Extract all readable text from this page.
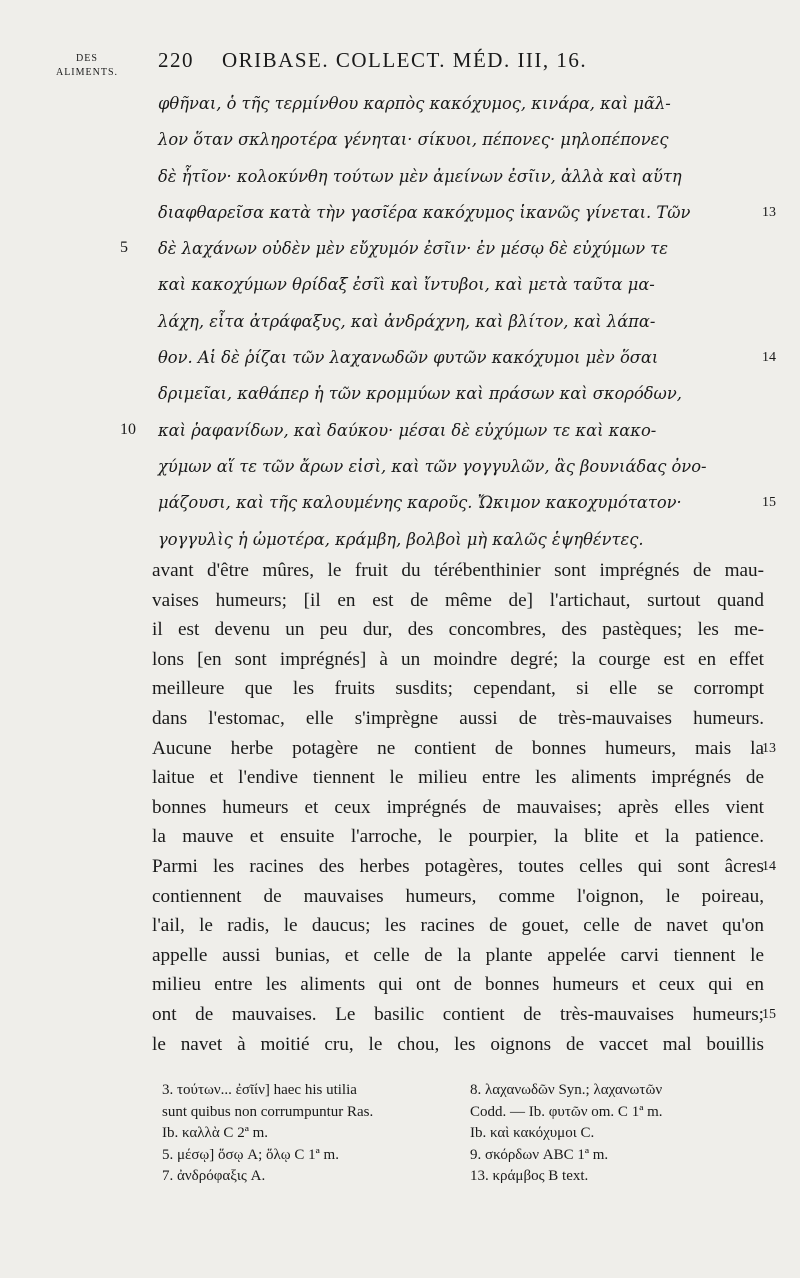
DES
ALIMENTS.
220 ORIBASE. COLLECT. MÉD. III, 16.
φθῆναι, ὁ τῆς τερμίνθου καρπὸς κακόχυμος, κινάρα, καὶ μᾶλ-
λον ὅταν σκληροτέρα γένηται· σίκυοι, πέπονες· μηλοπέπονες
δὲ ἧτῖον· κολοκύνθη τούτων μὲν ἀμείνων ἐσῖιν, ἀλλὰ καὶ αὕτη
διαφθαρεῖσα κατὰ τὴν γασῖέρα κακόχυμος ἱκανῶς γίνεται. Τῶν
δὲ λαχάνων οὐδὲν μὲν εὔχυμόν ἐσῖιν· ἐν μέσῳ δὲ εὐχύμων τε
καὶ κακοχύμων θρίδαξ ἐσῖὶ καὶ ἴντυβοι, καὶ μετὰ ταῦτα μα-
λάχη, εἶτα ἀτράφαξυς, καὶ ἀνδράχνη, καὶ βλίτον, καὶ λάπα-
θον. Αἱ δὲ ῥίζαι τῶν λαχανωδῶν φυτῶν κακόχυμοι μὲν ὅσαι
δριμεῖαι, καθάπερ ἡ τῶν κρομμύων καὶ πράσων καὶ σκορόδων,
καὶ ῥαφανίδων, καὶ δαύκου· μέσαι δὲ εὐχύμων τε καὶ κακο-
χύμων αἵ τε τῶν ἄρων εἰσὶ, καὶ τῶν γογγυλῶν, ἃς βουνιάδας ὀνο-
μάζουσι, καὶ τῆς καλουμένης καροῦς. Ὤκιμον κακοχυμότατον·
γογγυλὶς ἡ ὠμοτέρα, κράμβη, βολβοὶ μὴ καλῶς ἑψηθέντες.
avant d'être mûres, le fruit du térébenthinier sont imprégnés de mau-
vaises humeurs; [il en est de même de] l'artichaut, surtout quand
il est devenu un peu dur, des concombres, des pastèques; les me-
lons [en sont imprégnés] à un moindre degré; la courge est en effet
meilleure que les fruits susdits; cependant, si elle se corrompt
dans l'estomac, elle s'imprègne aussi de très-mauvaises humeurs.
Aucune herbe potagère ne contient de bonnes humeurs, mais la
laitue et l'endive tiennent le milieu entre les aliments imprégnés de
bonnes humeurs et ceux imprégnés de mauvaises; après elles vient
la mauve et ensuite l'arroche, le pourpier, la blite et la patience.
Parmi les racines des herbes potagères, toutes celles qui sont âcres
contiennent de mauvaises humeurs, comme l'oignon, le poireau,
l'ail, le radis, le daucus; les racines de gouet, celle de navet qu'on
appelle aussi bunias, et celle de la plante appelée carvi tiennent le
milieu entre les aliments qui ont de bonnes humeurs et ceux qui en
ont de mauvaises. Le basilic contient de très-mauvaises humeurs;
le navet à moitié cru, le chou, les oignons de vaccet mal bouillis
5
10
13
14
15
13
14
15
3. τούτων... ἐσῖίν] haec his utilia
sunt quibus non corrumpuntur Ras.
Ib. καλλὰ C 2ª m.
5. μέσῳ] ὅσῳ A; ὅλῳ C 1ª m.
7. ἀνδρόφαξις A.
8. λαχανωδῶν Syn.; λαχανωτῶν
Codd. — Ib. φυτῶν om. C 1ª m.
Ib. καὶ κακόχυμοι C.
9. σκόρδων ABC 1ª m.
13. κράμβος B text.
